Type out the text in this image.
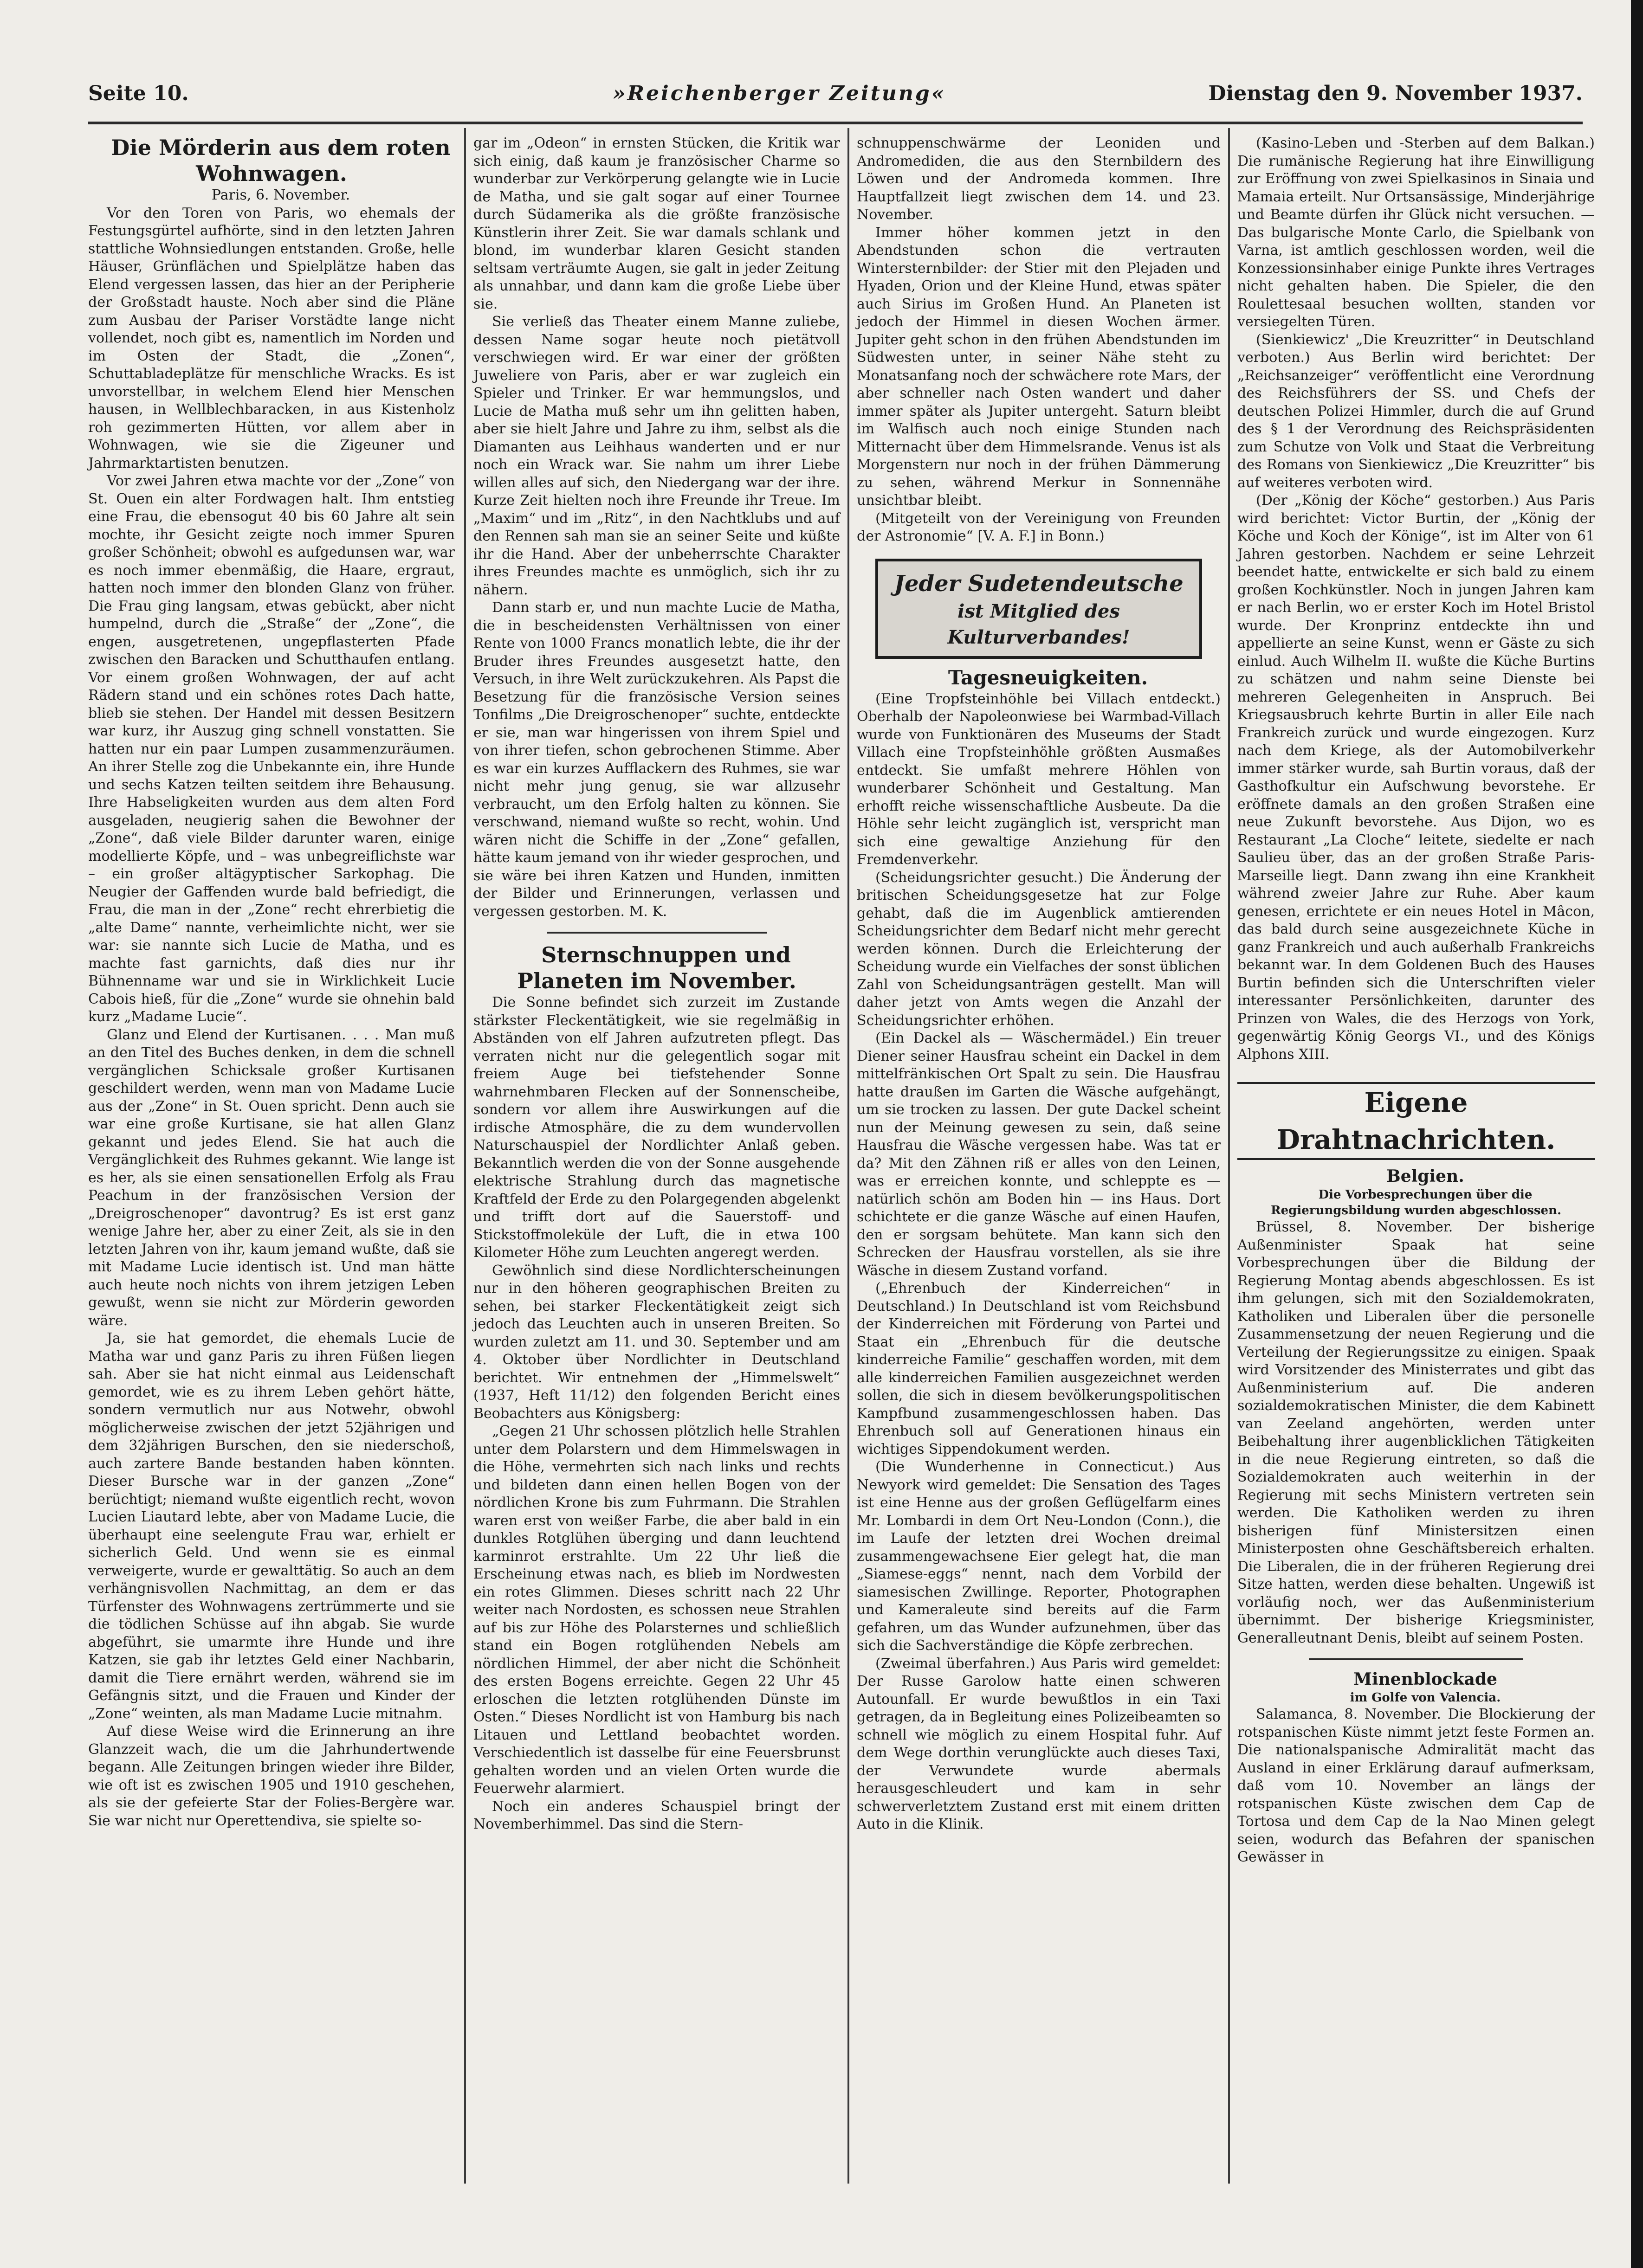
Seite 10.	»Reichenberger Zeitung«	Dienstag den 9. November 1937.

Die Mörderin aus dem roten Wohnwagen.

Paris, 6. November.

Vor den Toren von Paris, wo ehemals der Festungsgürtel aufhörte, sind in den letzten Jahren stattliche Wohnsiedlungen entstanden. Große, helle Häuser, Grünflächen und Spielplätze haben das Elend vergessen lassen, das hier an der Peripherie der Großstadt hauste. Noch aber sind die Pläne zum Ausbau der Pariser Vorstädte lange nicht vollendet, noch gibt es, namentlich im Norden und im Osten der Stadt, die „Zonen“, Schuttabladeplätze für menschliche Wracks. Es ist unvorstellbar, in welchem Elend hier Menschen hausen, in Wellblechbaracken, in aus Kistenholz roh gezimmerten Hütten, vor allem aber in Wohnwagen, wie sie die Zigeuner und Jahrmarktartisten benutzen.

Vor zwei Jahren etwa machte vor der „Zone“ von St. Ouen ein alter Fordwagen halt. Ihm entstieg eine Frau, die ebensogut 40 bis 60 Jahre alt sein mochte, ihr Gesicht zeigte noch immer Spuren großer Schönheit; obwohl es aufgedunsen war, war es noch immer ebenmäßig, die Haare, ergraut, hatten noch immer den blonden Glanz von früher. Die Frau ging langsam, etwas gebückt, aber nicht humpelnd, durch die „Straße“ der „Zone“, die engen, ausgetretenen, ungepflasterten Pfade zwischen den Baracken und Schutthaufen entlang. Vor einem großen Wohnwagen, der auf acht Rädern stand und ein schönes rotes Dach hatte, blieb sie stehen. Der Handel mit dessen Besitzern war kurz, ihr Auszug ging schnell vonstatten. Sie hatten nur ein paar Lumpen zusammenzuräumen. An ihrer Stelle zog die Unbekannte ein, ihre Hunde und sechs Katzen teilten seitdem ihre Behausung. Ihre Habseligkeiten wurden aus dem alten Ford ausgeladen, neugierig sahen die Bewohner der „Zone“, daß viele Bilder darunter waren, einige modellierte Köpfe, und – was unbegreiflichste war – ein großer altägyptischer Sarkophag. Die Neugier der Gaffenden wurde bald befriedigt, die Frau, die man in der „Zone“ recht ehrerbietig die „alte Dame“ nannte, verheimlichte nicht, wer sie war: sie nannte sich Lucie de Matha, und es machte fast garnichts, daß dies nur ihr Bühnenname war und sie in Wirklichkeit Lucie Cabois hieß, für die „Zone“ wurde sie ohnehin bald kurz „Madame Lucie“.

Glanz und Elend der Kurtisanen. . . . Man muß an den Titel des Buches denken, in dem die schnell vergänglichen Schicksale großer Kurtisanen geschildert werden, wenn man von Madame Lucie aus der „Zone“ in St. Ouen spricht. Denn auch sie war eine große Kurtisane, sie hat allen Glanz gekannt und jedes Elend. Sie hat auch die Vergänglichkeit des Ruhmes gekannt. Wie lange ist es her, als sie einen sensationellen Erfolg als Frau Peachum in der französischen Version der „Dreigroschenoper“ davontrug? Es ist erst ganz wenige Jahre her, aber zu einer Zeit, als sie in den letzten Jahren von ihr, kaum jemand wußte, daß sie mit Madame Lucie identisch ist. Und man hätte auch heute noch nichts von ihrem jetzigen Leben gewußt, wenn sie nicht zur Mörderin geworden wäre.

Ja, sie hat gemordet, die ehemals Lucie de Matha war und ganz Paris zu ihren Füßen liegen sah. Aber sie hat nicht einmal aus Leidenschaft gemordet, wie es zu ihrem Leben gehört hätte, sondern vermutlich nur aus Notwehr, obwohl möglicherweise zwischen der jetzt 52jährigen und dem 32jährigen Burschen, den sie niederschoß, auch zartere Bande bestanden haben könnten. Dieser Bursche war in der ganzen „Zone“ berüchtigt; niemand wußte eigentlich recht, wovon Lucien Liautard lebte, aber von Madame Lucie, die überhaupt eine seelengute Frau war, erhielt er sicherlich Geld. Und wenn sie es einmal verweigerte, wurde er gewalttätig. So auch an dem verhängnisvollen Nachmittag, an dem er das Türfenster des Wohnwagens zertrümmerte und sie die tödlichen Schüsse auf ihn abgab. Sie wurde abgeführt, sie umarmte ihre Hunde und ihre Katzen, sie gab ihr letztes Geld einer Nachbarin, damit die Tiere ernährt werden, während sie im Gefängnis sitzt, und die Frauen und Kinder der „Zone“ weinten, als man Madame Lucie mitnahm.

Auf diese Weise wird die Erinnerung an ihre Glanzzeit wach, die um die Jahrhundertwende begann. Alle Zeitungen bringen wieder ihre Bilder, wie oft ist es zwischen 1905 und 1910 geschehen, als sie der gefeierte Star der Folies-Bergère war. Sie war nicht nur Operettendiva, sie spielte so-

gar im „Odeon“ in ernsten Stücken, die Kritik war sich einig, daß kaum je französischer Charme so wunderbar zur Verkörperung gelangte wie in Lucie de Matha, und sie galt sogar auf einer Tournee durch Südamerika als die größte französische Künstlerin ihrer Zeit. Sie war damals schlank und blond, im wunderbar klaren Gesicht standen seltsam verträumte Augen, sie galt in jeder Zeitung als unnahbar, und dann kam die große Liebe über sie.

Sie verließ das Theater einem Manne zuliebe, dessen Name sogar heute noch pietätvoll verschwiegen wird. Er war einer der größten Juweliere von Paris, aber er war zugleich ein Spieler und Trinker. Er war hemmungslos, und Lucie de Matha muß sehr um ihn gelitten haben, aber sie hielt Jahre und Jahre zu ihm, selbst als die Diamanten aus Leihhaus wanderten und er nur noch ein Wrack war. Sie nahm um ihrer Liebe willen alles auf sich, den Niedergang war der ihre. Kurze Zeit hielten noch ihre Freunde ihr Treue. Im „Maxim“ und im „Ritz“, in den Nachtklubs und auf den Rennen sah man sie an seiner Seite und küßte ihr die Hand. Aber der unbeherrschte Charakter ihres Freundes machte es unmöglich, sich ihr zu nähern.

Dann starb er, und nun machte Lucie de Matha, die in bescheidensten Verhältnissen von einer Rente von 1000 Francs monatlich lebte, die ihr der Bruder ihres Freundes ausgesetzt hatte, den Versuch, in ihre Welt zurückzukehren. Als Papst die Besetzung für die französische Version seines Tonfilms „Die Dreigroschenoper“ suchte, entdeckte er sie, man war hingerissen von ihrem Spiel und von ihrer tiefen, schon gebrochenen Stimme. Aber es war ein kurzes Aufflackern des Ruhmes, sie war nicht mehr jung genug, sie war allzusehr verbraucht, um den Erfolg halten zu können. Sie verschwand, niemand wußte so recht, wohin. Und wären nicht die Schiffe in der „Zone“ gefallen, hätte kaum jemand von ihr wieder gesprochen, und sie wäre bei ihren Katzen und Hunden, inmitten der Bilder und Erinnerungen, verlassen und vergessen gestorben. M. K.

Sternschnuppen und Planeten im November.

Die Sonne befindet sich zurzeit im Zustande stärkster Fleckentätigkeit, wie sie regelmäßig in Abständen von elf Jahren aufzutreten pflegt. Das verraten nicht nur die gelegentlich sogar mit freiem Auge bei tiefstehender Sonne wahrnehmbaren Flecken auf der Sonnenscheibe, sondern vor allem ihre Auswirkungen auf die irdische Atmosphäre, die zu dem wundervollen Naturschauspiel der Nordlichter Anlaß geben. Bekanntlich werden die von der Sonne ausgehende elektrische Strahlung durch das magnetische Kraftfeld der Erde zu den Polargegenden abgelenkt und trifft dort auf die Sauerstoff- und Stickstoffmoleküle der Luft, die in etwa 100 Kilometer Höhe zum Leuchten angeregt werden.

Gewöhnlich sind diese Nordlichterscheinungen nur in den höheren geographischen Breiten zu sehen, bei starker Fleckentätigkeit zeigt sich jedoch das Leuchten auch in unseren Breiten. So wurden zuletzt am 11. und 30. September und am 4. Oktober über Nordlichter in Deutschland berichtet. Wir entnehmen der „Himmelswelt“ (1937, Heft 11/12) den folgenden Bericht eines Beobachters aus Königsberg:

„Gegen 21 Uhr schossen plötzlich helle Strahlen unter dem Polarstern und dem Himmelswagen in die Höhe, vermehrten sich nach links und rechts und bildeten dann einen hellen Bogen von der nördlichen Krone bis zum Fuhrmann. Die Strahlen waren erst von weißer Farbe, die aber bald in ein dunkles Rotglühen überging und dann leuchtend karminrot erstrahlte. Um 22 Uhr ließ die Erscheinung etwas nach, es blieb im Nordwesten ein rotes Glimmen. Dieses schritt nach 22 Uhr weiter nach Nordosten, es schossen neue Strahlen auf bis zur Höhe des Polarsternes und schließlich stand ein Bogen rotglühenden Nebels am nördlichen Himmel, der aber nicht die Schönheit des ersten Bogens erreichte. Gegen 22 Uhr 45 erloschen die letzten rotglühenden Dünste im Osten.“ Dieses Nordlicht ist von Hamburg bis nach Litauen und Lettland beobachtet worden. Verschiedentlich ist dasselbe für eine Feuersbrunst gehalten worden und an vielen Orten wurde die Feuerwehr alarmiert.

Noch ein anderes Schauspiel bringt der Novemberhimmel. Das sind die Stern-

schnuppenschwärme der Leoniden und Andromediden, die aus den Sternbildern des Löwen und der Andromeda kommen. Ihre Hauptfallzeit liegt zwischen dem 14. und 23. November.

Immer höher kommen jetzt in den Abendstunden schon die vertrauten Wintersternbilder: der Stier mit den Plejaden und Hyaden, Orion und der Kleine Hund, etwas später auch Sirius im Großen Hund. An Planeten ist jedoch der Himmel in diesen Wochen ärmer. Jupiter geht schon in den frühen Abendstunden im Südwesten unter, in seiner Nähe steht zu Monatsanfang noch der schwächere rote Mars, der aber schneller nach Osten wandert und daher immer später als Jupiter untergeht. Saturn bleibt im Walfisch auch noch einige Stunden nach Mitternacht über dem Himmelsrande. Venus ist als Morgenstern nur noch in der frühen Dämmerung zu sehen, während Merkur in Sonnennähe unsichtbar bleibt.

(Mitgeteilt von der Vereinigung von Freunden der Astronomie“ [V. A. F.] in Bonn.)

Jeder Sudetendeutsche
ist Mitglied des Kulturverbandes!

Tagesneuigkeiten.

(Eine Tropfsteinhöhle bei Villach entdeckt.) Oberhalb der Napoleonwiese bei Warmbad-Villach wurde von Funktionären des Museums der Stadt Villach eine Tropfsteinhöhle größten Ausmaßes entdeckt. Sie umfaßt mehrere Höhlen von wunderbarer Schönheit und Gestaltung. Man erhofft reiche wissenschaftliche Ausbeute. Da die Höhle sehr leicht zugänglich ist, verspricht man sich eine gewaltige Anziehung für den Fremdenverkehr.

(Scheidungsrichter gesucht.) Die Änderung der britischen Scheidungsgesetze hat zur Folge gehabt, daß die im Augenblick amtierenden Scheidungsrichter dem Bedarf nicht mehr gerecht werden können. Durch die Erleichterung der Scheidung wurde ein Vielfaches der sonst üblichen Zahl von Scheidungsanträgen gestellt. Man will daher jetzt von Amts wegen die Anzahl der Scheidungsrichter erhöhen.

(Ein Dackel als — Wäschermädel.) Ein treuer Diener seiner Hausfrau scheint ein Dackel in dem mittelfränkischen Ort Spalt zu sein. Die Hausfrau hatte draußen im Garten die Wäsche aufgehängt, um sie trocken zu lassen. Der gute Dackel scheint nun der Meinung gewesen zu sein, daß seine Hausfrau die Wäsche vergessen habe. Was tat er da? Mit den Zähnen riß er alles von den Leinen, was er erreichen konnte, und schleppte es — natürlich schön am Boden hin — ins Haus. Dort schichtete er die ganze Wäsche auf einen Haufen, den er sorgsam behütete. Man kann sich den Schrecken der Hausfrau vorstellen, als sie ihre Wäsche in diesem Zustand vorfand.

(„Ehrenbuch der Kinderreichen“ in Deutschland.) In Deutschland ist vom Reichsbund der Kinderreichen mit Förderung von Partei und Staat ein „Ehrenbuch für die deutsche kinderreiche Familie“ geschaffen worden, mit dem alle kinderreichen Familien ausgezeichnet werden sollen, die sich in diesem bevölkerungspolitischen Kampfbund zusammengeschlossen haben. Das Ehrenbuch soll auf Generationen hinaus ein wichtiges Sippendokument werden.

(Die Wunderhenne in Connecticut.) Aus Newyork wird gemeldet: Die Sensation des Tages ist eine Henne aus der großen Geflügelfarm eines Mr. Lombardi in dem Ort Neu-London (Conn.), die im Laufe der letzten drei Wochen dreimal zusammengewachsene Eier gelegt hat, die man „Siamese-eggs“ nennt, nach dem Vorbild der siamesischen Zwillinge. Reporter, Photographen und Kameraleute sind bereits auf die Farm gefahren, um das Wunder aufzunehmen, über das sich die Sachverständige die Köpfe zerbrechen.

(Zweimal überfahren.) Aus Paris wird gemeldet: Der Russe Garolow hatte einen schweren Autounfall. Er wurde bewußtlos in ein Taxi getragen, da in Begleitung eines Polizeibeamten so schnell wie möglich zu einem Hospital fuhr. Auf dem Wege dorthin verunglückte auch dieses Taxi, der Verwundete wurde abermals herausgeschleudert und kam in sehr schwerverletztem Zustand erst mit einem dritten Auto in die Klinik.

(Kasino-Leben und -Sterben auf dem Balkan.) Die rumänische Regierung hat ihre Einwilligung zur Eröffnung von zwei Spielkasinos in Sinaia und Mamaia erteilt. Nur Ortsansässige, Minderjährige und Beamte dürfen ihr Glück nicht versuchen. — Das bulgarische Monte Carlo, die Spielbank von Varna, ist amtlich geschlossen worden, weil die Konzessionsinhaber einige Punkte ihres Vertrages nicht gehalten haben. Die Spieler, die den Roulettesaal besuchen wollten, standen vor versiegelten Türen.

(Sienkiewicz' „Die Kreuzritter“ in Deutschland verboten.) Aus Berlin wird berichtet: Der „Reichsanzeiger“ veröffentlicht eine Verordnung des Reichsführers der SS. und Chefs der deutschen Polizei Himmler, durch die auf Grund des § 1 der Verordnung des Reichspräsidenten zum Schutze von Volk und Staat die Verbreitung des Romans von Sienkiewicz „Die Kreuzritter“ bis auf weiteres verboten wird.

(Der „König der Köche“ gestorben.) Aus Paris wird berichtet: Victor Burtin, der „König der Köche und Koch der Könige“, ist im Alter von 61 Jahren gestorben. Nachdem er seine Lehrzeit beendet hatte, entwickelte er sich bald zu einem großen Kochkünstler. Noch in jungen Jahren kam er nach Berlin, wo er erster Koch im Hotel Bristol wurde. Der Kronprinz entdeckte ihn und appellierte an seine Kunst, wenn er Gäste zu sich einlud. Auch Wilhelm II. wußte die Küche Burtins zu schätzen und nahm seine Dienste bei mehreren Gelegenheiten in Anspruch. Bei Kriegsausbruch kehrte Burtin in aller Eile nach Frankreich zurück und wurde eingezogen. Kurz nach dem Kriege, als der Automobilverkehr immer stärker wurde, sah Burtin voraus, daß der Gasthofkultur ein Aufschwung bevorstehe. Er eröffnete damals an den großen Straßen eine neue Zukunft bevorstehe. Aus Dijon, wo es Restaurant „La Cloche“ leitete, siedelte er nach Saulieu über, das an der großen Straße Paris-Marseille liegt. Dann zwang ihn eine Krankheit während zweier Jahre zur Ruhe. Aber kaum genesen, errichtete er ein neues Hotel in Mâcon, das bald durch seine ausgezeichnete Küche in ganz Frankreich und auch außerhalb Frankreichs bekannt war. In dem Goldenen Buch des Hauses Burtin befinden sich die Unterschriften vieler interessanter Persönlichkeiten, darunter des Prinzen von Wales, die des Herzogs von York, gegenwärtig König Georgs VI., und des Königs Alphons XIII.

Eigene Drahtnachrichten.

Belgien.

Die Vorbesprechungen über die Regierungsbildung wurden abgeschlossen.

Brüssel, 8. November. Der bisherige Außenminister Spaak hat seine Vorbesprechungen über die Bildung der Regierung Montag abends abgeschlossen. Es ist ihm gelungen, sich mit den Sozialdemokraten, Katholiken und Liberalen über die personelle Zusammensetzung der neuen Regierung und die Verteilung der Regierungssitze zu einigen. Spaak wird Vorsitzender des Ministerrates und gibt das Außenministerium auf. Die anderen sozialdemokratischen Minister, die dem Kabinett van Zeeland angehörten, werden unter Beibehaltung ihrer augenblicklichen Tätigkeiten in die neue Regierung eintreten, so daß die Sozialdemokraten auch weiterhin in der Regierung mit sechs Ministern vertreten sein werden. Die Katholiken werden zu ihren bisherigen fünf Ministersitzen einen Ministerposten ohne Geschäftsbereich erhalten. Die Liberalen, die in der früheren Regierung drei Sitze hatten, werden diese behalten. Ungewiß ist vorläufig noch, wer das Außenministerium übernimmt. Der bisherige Kriegsminister, Generalleutnant Denis, bleibt auf seinem Posten.

Minenblockade

im Golfe von Valencia.

Salamanca, 8. November. Die Blockierung der rotspanischen Küste nimmt jetzt feste Formen an. Die nationalspanische Admiralität macht das Ausland in einer Erklärung darauf aufmerksam, daß vom 10. November an längs der rotspanischen Küste zwischen dem Cap de Tortosa und dem Cap de la Nao Minen gelegt seien, wodurch das Befahren der spanischen Gewässer in
